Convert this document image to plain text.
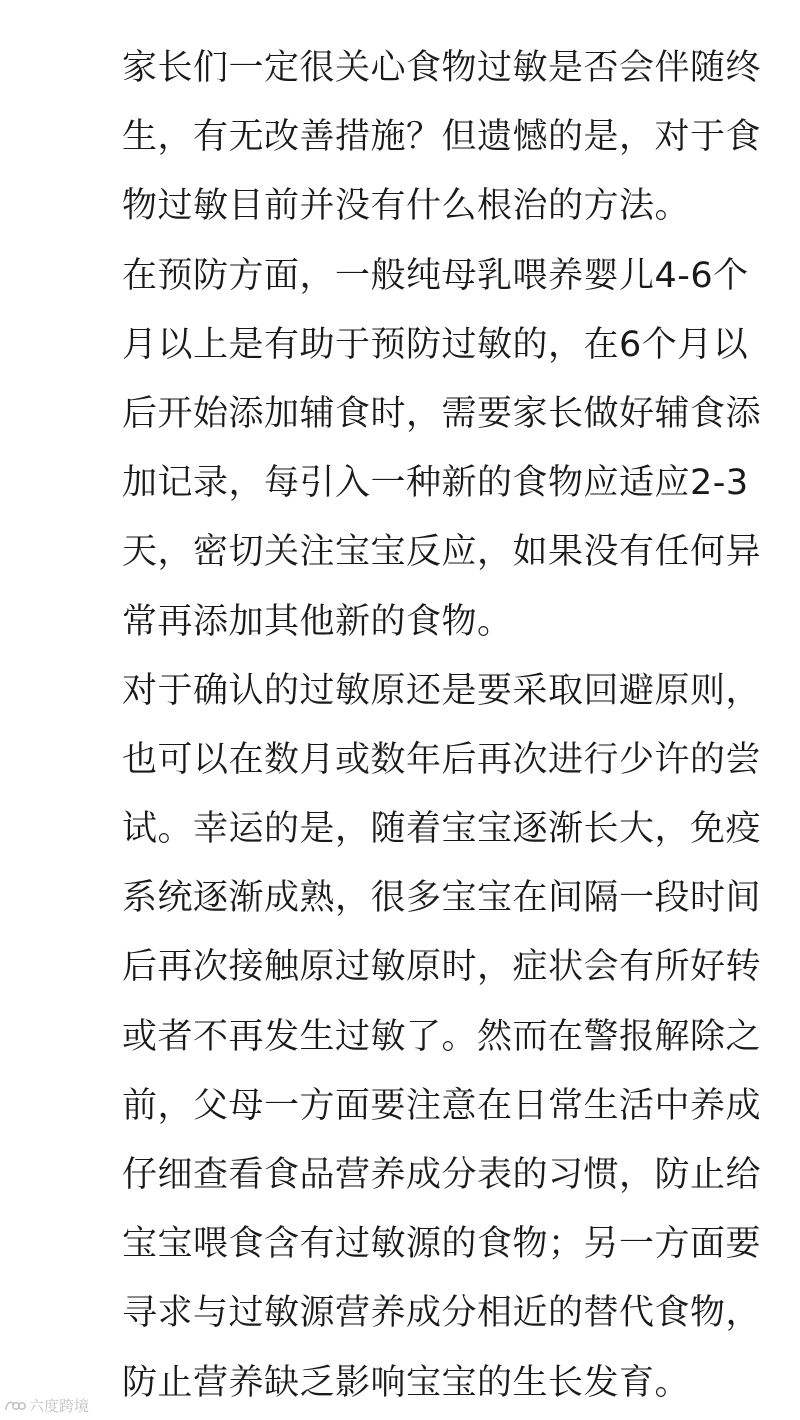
家长们一定很关心食物过敏是否会伴随终
生，有无改善措施？但遗憾的是，对于食
物过敏目前并没有什么根治的方法。
在预防方面，一般纯母乳喂养婴儿4-6个
月以上是有助于预防过敏的，在6个月以
后开始添加辅食时，需要家长做好辅食添
加记录，每引入一种新的食物应适应2-3
天，密切关注宝宝反应，如果没有任何异
常再添加其他新的食物。
对于确认的过敏原还是要采取回避原则，
也可以在数月或数年后再次进行少许的尝
试。幸运的是，随着宝宝逐渐长大，免疫
系统逐渐成熟，很多宝宝在间隔一段时间
后再次接触原过敏原时，症状会有所好转
或者不再发生过敏了。然而在警报解除之
前，父母一方面要注意在日常生活中养成
仔细查看食品营养成分表的习惯，防止给
宝宝喂食含有过敏源的食物；另一方面要
寻求与过敏源营养成分相近的替代食物，
防止营养缺乏影响宝宝的生长发育。
六度跨境
